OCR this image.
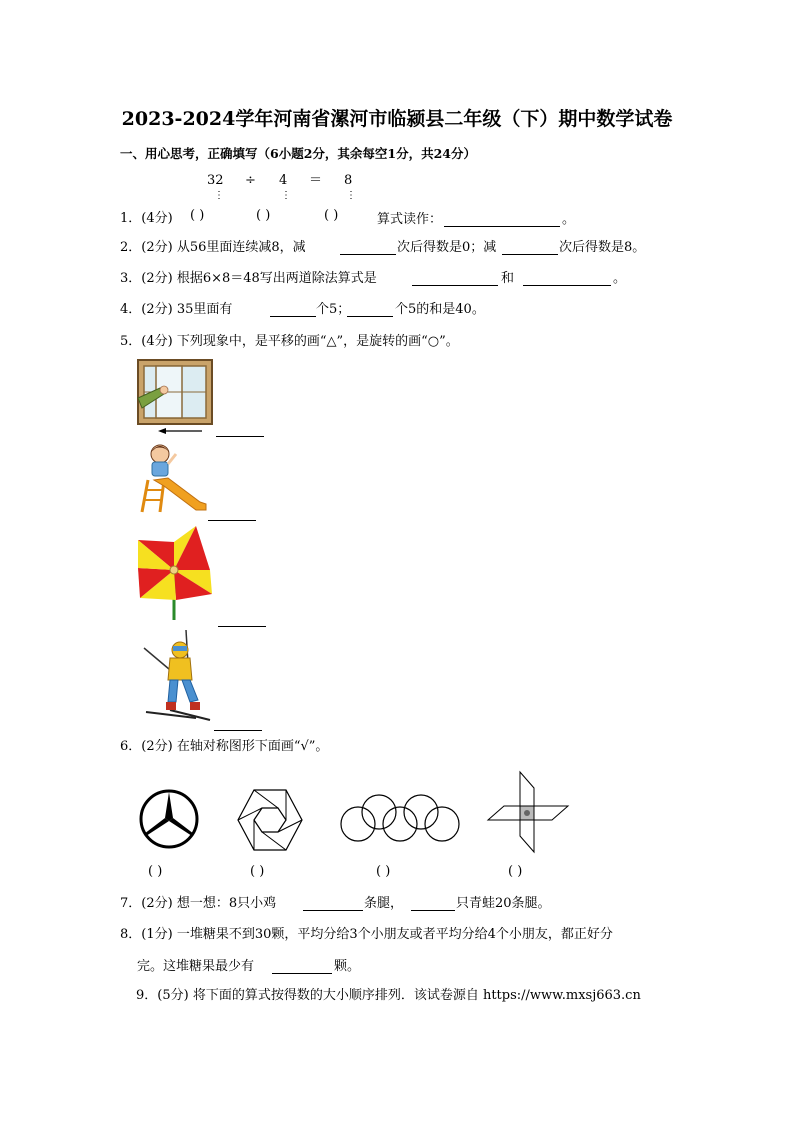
2023-2024学年河南省漯河市临颍县二年级（下）期中数学试卷
一、用心思考，正确填写（6小题2分，其余每空1分，共24分）
32 ÷ 4 ＝ 8
⋮	⋮	⋮
1．(4分) ( )	( )	( )	算式读作：	。
2．(2分) 从56里面连续减8，减	次后得数是0；减	次后得数是8。
3．(2分) 根据6×8＝48写出两道除法算式是	和	。
4．(2分) 35里面有	个5；	个5的和是40。
5．(4分) 下列现象中，是平移的画“△”，是旋转的画“○”。
6．(2分) 在轴对称图形下面画“√”。
( )	( )	( )	( )
7．(2分) 想一想：8只小鸡	条腿，	只青蛙20条腿。
8．(1分) 一堆糖果不到30颗，平均分给3个小朋友或者平均分给4个小朋友，都正好分
完。这堆糖果最少有	颗。
9．(5分) 将下面的算式按得数的大小顺序排列．该试卷源自 https://www.mxsj663.cn
